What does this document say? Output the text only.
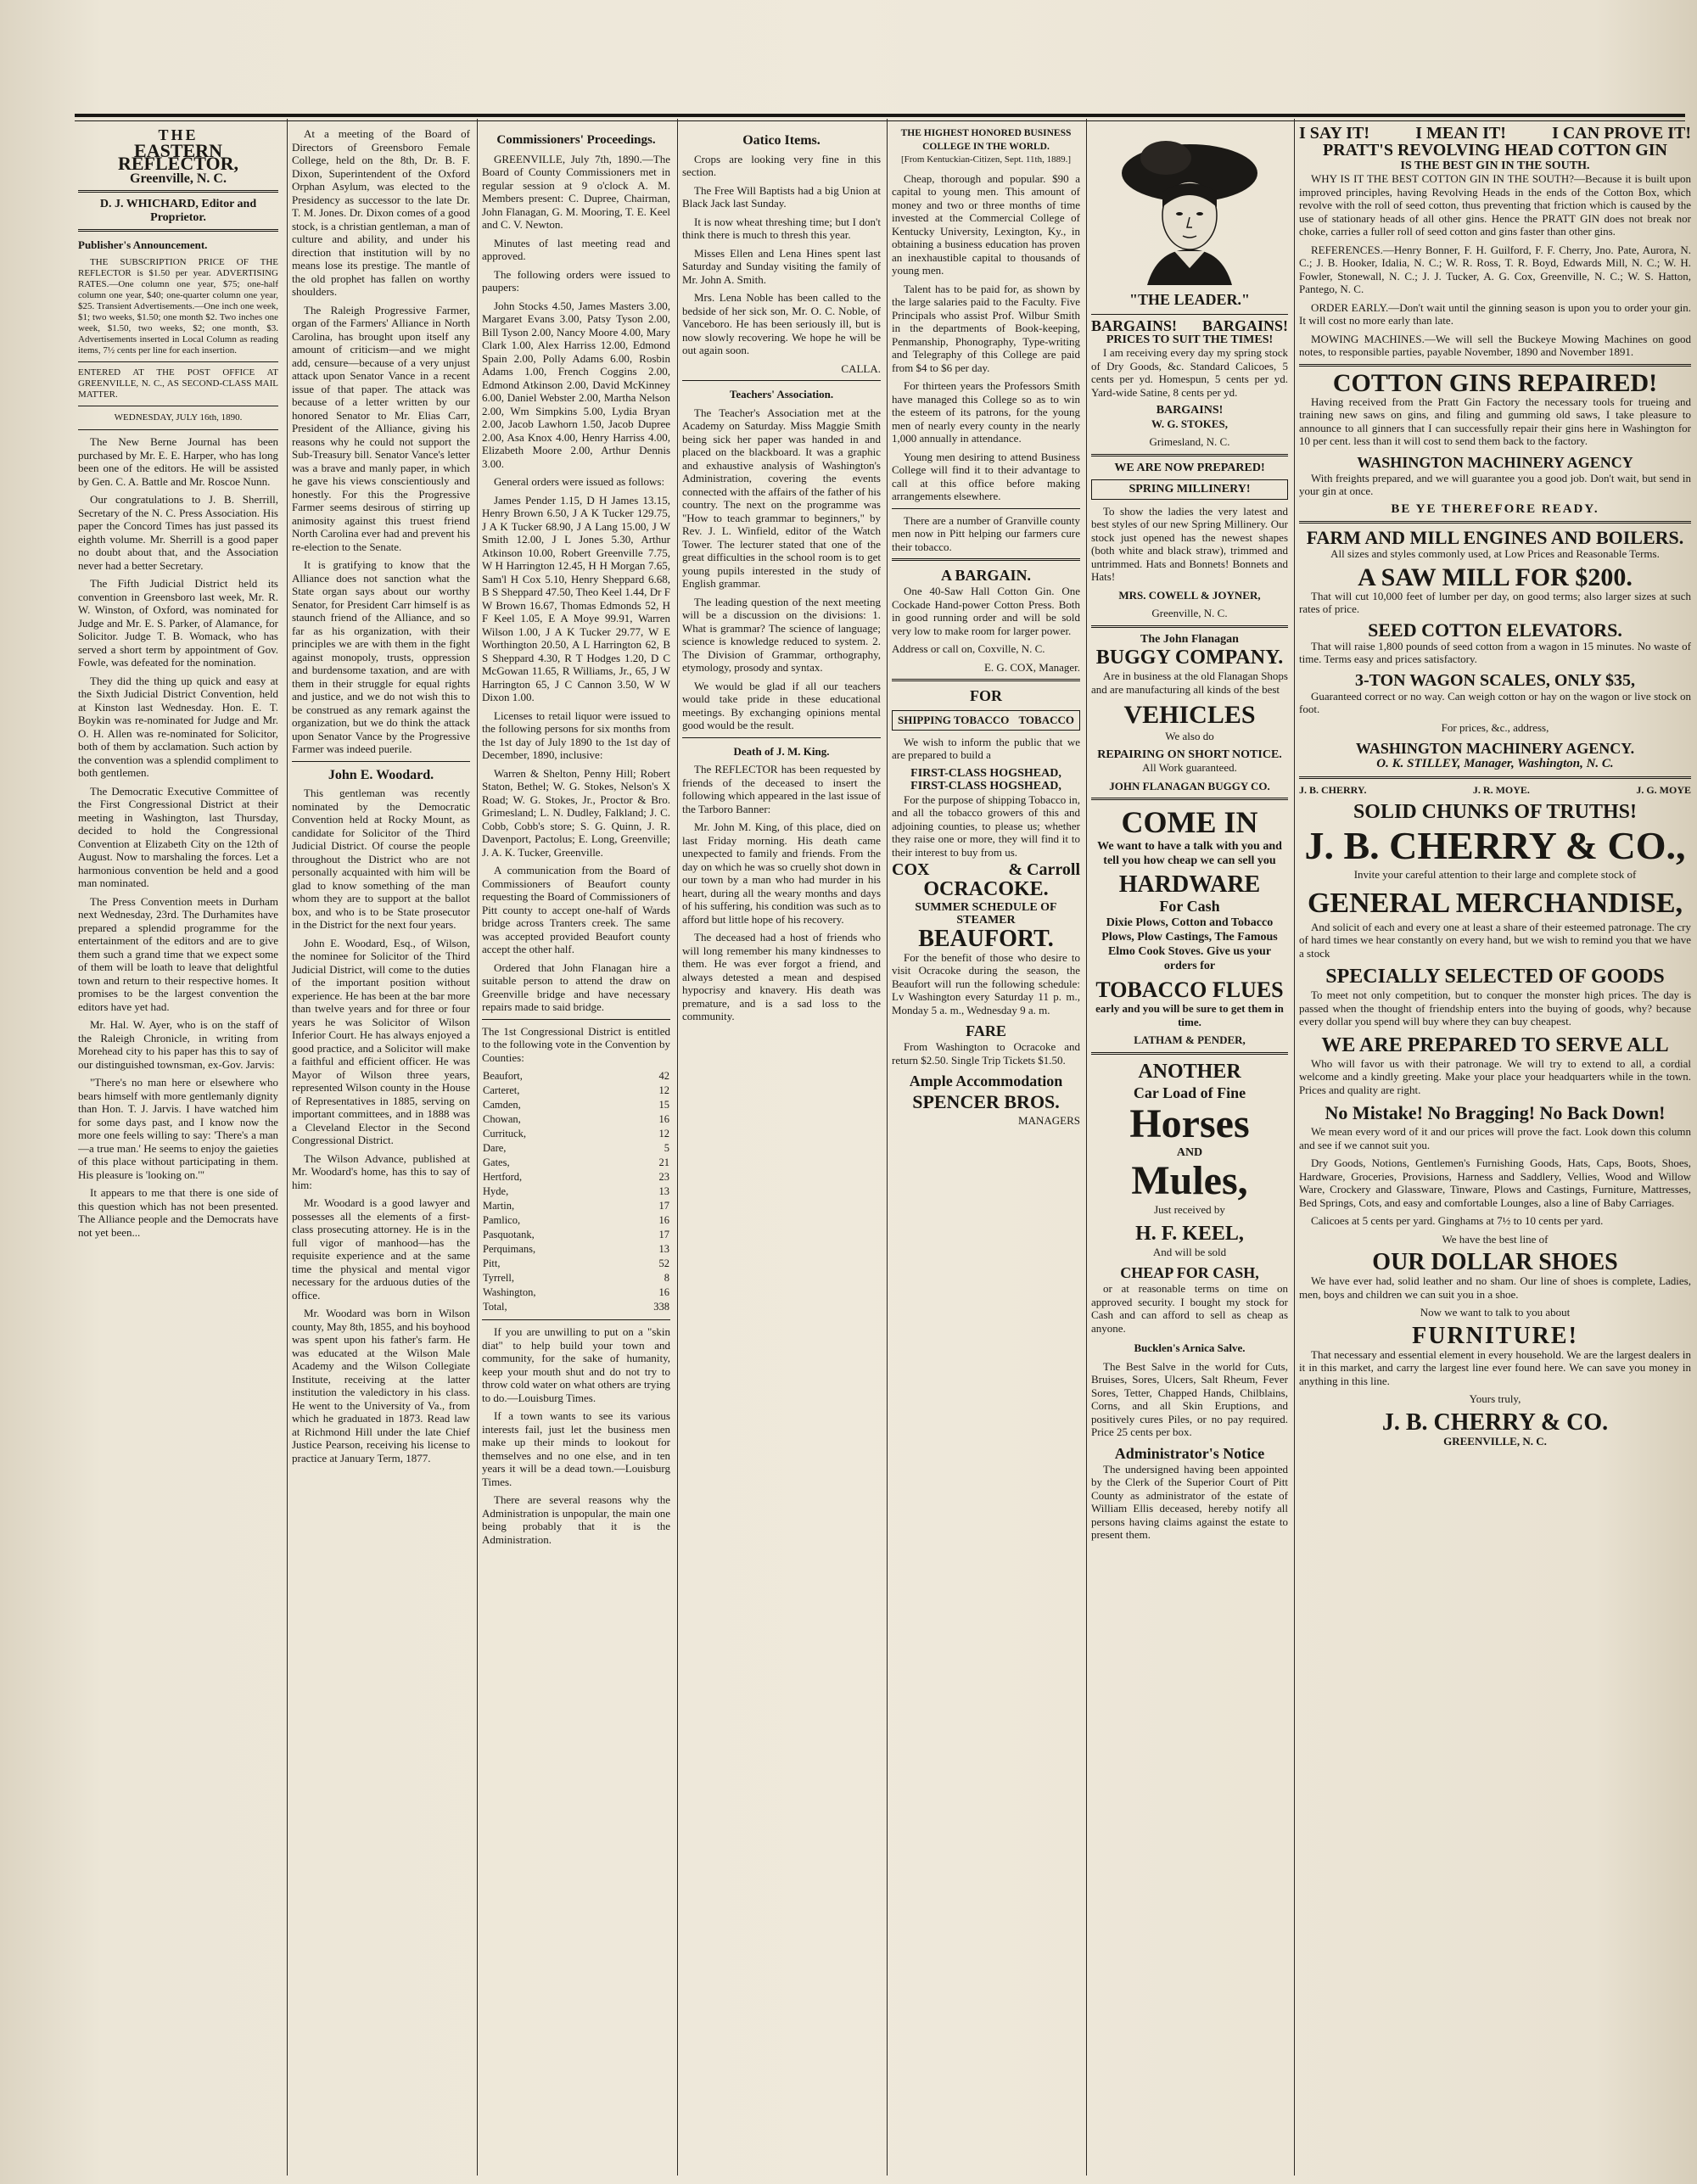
THE
EASTERN REFLECTOR,
Greenville, N. C.
D. J. WHICHARD, Editor and Proprietor.
Publisher's Announcement.

THE SUBSCRIPTION PRICE OF THE REFLECTOR is $1.50 per year. ADVERTISING RATES.—One column one year, $75; one-half column one year, $40; one-quarter column one year, $25. Transient Advertisements.—One inch one week, $1; two weeks, $1.50; one month $2. Two inches one week, $1.50, two weeks, $2; one month, $3. Advertisements inserted in Local Column as reading items, 7½ cents per line for each insertion.

ENTERED AT THE POST OFFICE AT GREENVILLE, N. C., AS SECOND-CLASS MAIL MATTER.

WEDNESDAY, JULY 16th, 1890.

The New Berne Journal has been purchased by Mr. E. E. Harper, who has long been one of the editors. He will be assisted by Gen. C. A. Battle and Mr. Roscoe Nunn.

Our congratulations to J. B. Sherrill, Secretary of the N. C. Press Association. His paper the Concord Times has just passed its eighth volume. Mr. Sherrill is a good paper no doubt about that, and the Association never had a better Secretary.

The Fifth Judicial District held its convention in Greensboro last week, Mr. R. W. Winston, of Oxford, was nominated for Judge and Mr. E. S. Parker, of Alamance, for Solicitor. Judge T. B. Womack, who has served a short term by appointment of Gov. Fowle, was defeated for the nomination.

They did the thing up quick and easy at the Sixth Judicial District Convention, held at Kinston last Wednesday. Hon. E. T. Boykin was re-nominated for Judge and Mr. O. H. Allen was re-nominated for Solicitor, both of them by acclamation. Such action by the convention was a splendid compliment to both gentlemen.

The Democratic Executive Committee of the First Congressional District at their meeting in Washington, last Thursday, decided to hold the Congressional Convention at Elizabeth City on the 12th of August. Now to marshaling the forces. Let a harmonious convention be held and a good man nominated.

The Press Convention meets in Durham next Wednesday, 23rd. The Durhamites have prepared a splendid programme for the entertainment of the editors and are to give them such a grand time that we expect some of them will be loath to leave that delightful town and return to their respective homes. It promises to be the largest convention the editors have yet had.

Mr. Hal. W. Ayer, who is on the staff of the Raleigh Chronicle, in writing from Morehead city to his paper has this to say of our distinguished townsman, ex-Gov. Jarvis:

"There's no man here or elsewhere who bears himself with more gentlemanly dignity than Hon. T. J. Jarvis. I have watched him for some days past, and I know now the more one feels willing to say: 'There's a man—a true man.' He seems to enjoy the gaieties of this place without participating in them. His pleasure is 'looking on.'"

It appears to me that there is one side of this question which has not been presented. The Alliance people and the Democrats have not yet been...

At a meeting of the Board of Directors of Greensboro Female College, held on the 8th, Dr. B. F. Dixon, Superintendent of the Oxford Orphan Asylum, was elected to the Presidency as successor to the late Dr. T. M. Jones. Dr. Dixon comes of a good stock, is a christian gentleman, a man of culture and ability, and under his direction that institution will by no means lose its prestige. The mantle of the old prophet has fallen on worthy shoulders.

The Raleigh Progressive Farmer, organ of the Farmers' Alliance in North Carolina, has brought upon itself any amount of criticism—and we might add, censure—because of a very unjust attack upon Senator Vance in a recent issue of that paper. The attack was because of a letter written by our honored Senator to Mr. Elias Carr, President of the Alliance, giving his reasons why he could not support the Sub-Treasury bill. Senator Vance's letter was a brave and manly paper, in which he gave his views conscientiously and honestly. For this the Progressive Farmer seems desirous of stirring up animosity against this truest friend North Carolina ever had and prevent his re-election to the Senate.

It is gratifying to know that the Alliance does not sanction what the State organ says about our worthy Senator, for President Carr himself is as staunch friend of the Alliance, and so far as his organization, with their principles we are with them in the fight against monopoly, trusts, oppression and burdensome taxation, and are with them in their struggle for equal rights and justice, and we do not wish this to be construed as any remark against the organization, but we do think the attack upon Senator Vance by the Progressive Farmer was indeed puerile.

John E. Woodard.

This gentleman was recently nominated by the Democratic Convention held at Rocky Mount, as candidate for Solicitor of the Third Judicial District. Of course the people throughout the District who are not personally acquainted with him will be glad to know something of the man whom they are to support at the ballot box, and who is to be State prosecutor in the District for the next four years.

John E. Woodard, Esq., of Wilson, the nominee for Solicitor of the Third Judicial District, will come to the duties of the important position without experience. He has been at the bar more than twelve years and for three or four years he was Solicitor of Wilson Inferior Court. He has always enjoyed a good practice, and a Solicitor will make a faithful and efficient officer. He was Mayor of Wilson three years, represented Wilson county in the House of Representatives in 1885, serving on important committees, and in 1888 was a Cleveland Elector in the Second Congressional District.

The Wilson Advance, published at Mr. Woodard's home, has this to say of him:

Mr. Woodard is a good lawyer and possesses all the elements of a first-class prosecuting attorney. He is in the full vigor of manhood—has the requisite experience and at the same time the physical and mental vigor necessary for the arduous duties of the office.

Mr. Woodard was born in Wilson county, May 8th, 1855, and his boyhood was spent upon his father's farm. He was educated at the Wilson Male Academy and the Wilson Collegiate Institute, receiving at the latter institution the valedictory in his class. He went to the University of Va., from which he graduated in 1873. Read law at Richmond Hill under the late Chief Justice Pearson, receiving his license to practice at January Term, 1877.

Commissioners' Proceedings.

GREENVILLE, July 7th, 1890.—The Board of County Commissioners met in regular session at 9 o'clock A. M. Members present: C. Dupree, Chairman, John Flanagan, G. M. Mooring, T. E. Keel and C. V. Newton.

Minutes of last meeting read and approved.

The following orders were issued to paupers:

John Stocks 4.50, James Masters 3.00, Margaret Evans 3.00, Patsy Tyson 2.00, Bill Tyson 2.00, Nancy Moore 4.00, Mary Clark 1.00, Alex Harriss 12.00, Edmond Spain 2.00, Polly Adams 6.00, Rosbin Adams 1.00, French Coggins 2.00, Edmond Atkinson 2.00, David McKinney 6.00, Daniel Webster 2.00, Martha Nelson 2.00, Wm Simpkins 5.00, Lydia Bryan 2.00, Jacob Lawhorn 1.50, Jacob Dupree 2.00, Asa Knox 4.00, Henry Harriss 4.00, Elizabeth Moore 2.00, Arthur Dennis 3.00.

General orders were issued as follows:

James Pender 1.15, D H James 13.15, Henry Brown 6.50, J A K Tucker 129.75, J A K Tucker 68.90, J A Lang 15.00, J W Smith 12.00, J L Jones 5.30, Arthur Atkinson 10.00, Robert Greenville 7.75, W H Harrington 12.45, H H Morgan 7.65, Sam'l H Cox 5.10, Henry Sheppard 6.68, B S Sheppard 47.50, Theo Keel 1.44, Dr F W Brown 16.67, Thomas Edmonds 52, H F Keel 1.05, E A Moye 99.91, Warren Wilson 1.00, J A K Tucker 29.77, W E Worthington 20.50, A L Harrington 62, B S Sheppard 4.30, R T Hodges 1.20, D C McGowan 11.65, R Williams, Jr., 65, J W Harrington 65, J C Cannon 3.50, W W Dixon 1.00.

Licenses to retail liquor were issued to the following persons for six months from the 1st day of July 1890 to the 1st day of December, 1890, inclusive:

Warren & Shelton, Penny Hill; Robert Staton, Bethel; W. G. Stokes, Nelson's X Road; W. G. Stokes, Jr., Proctor & Bro. Grimesland; L. N. Dudley, Falkland; J. C. Cobb, Cobb's store; S. G. Quinn, J. R. Davenport, Pactolus; E. Long, Greenville; J. A. K. Tucker, Greenville.

A communication from the Board of Commissioners of Beaufort county requesting the Board of Commissioners of Pitt county to accept one-half of Wards bridge across Tranters creek. The same was accepted provided Beaufort county accept the other half.

Ordered that John Flanagan hire a suitable person to attend the draw on Greenville bridge and have necessary repairs made to said bridge.

The 1st Congressional District is entitled to the following vote in the Convention by Counties:

Beaufort,	42
Carteret,	12
Camden,	15
Chowan,	16
Currituck,	12
Dare,	5
Gates,	21
Hertford,	23
Hyde,	13
Martin,	17
Pamlico,	16
Pasquotank,	17
Perquimans,	13
Pitt,	52
Tyrrell,	8
Washington,	16
Total,	338

If you are unwilling to put on a "skin diat" to help build your town and community, for the sake of humanity, keep your mouth shut and do not try to throw cold water on what others are trying to do.—Louisburg Times.

If a town wants to see its various interests fail, just let the business men make up their minds to lookout for themselves and no one else, and in ten years it will be a dead town.—Louisburg Times.

There are several reasons why the Administration is unpopular, the main one being probably that it is the Administration.

Oatico Items.

Crops are looking very fine in this section.

The Free Will Baptists had a big Union at Black Jack last Sunday.

It is now wheat threshing time; but I don't think there is much to thresh this year.

Misses Ellen and Lena Hines spent last Saturday and Sunday visiting the family of Mr. John A. Smith.

Mrs. Lena Noble has been called to the bedside of her sick son, Mr. O. C. Noble, of Vanceboro. He has been seriously ill, but is now slowly recovering. We hope he will be out again soon.

CALLA.

Teachers' Association.

The Teacher's Association met at the Academy on Saturday. Miss Maggie Smith being sick her paper was handed in and placed on the blackboard. It was a graphic and exhaustive analysis of Washington's Administration, covering the events connected with the affairs of the father of his country. The next on the programme was "How to teach grammar to beginners," by Rev. J. L. Winfield, editor of the Watch Tower. The lecturer stated that one of the great difficulties in the school room is to get young pupils interested in the study of English grammar.

The leading question of the next meeting will be a discussion on the divisions: 1. What is grammar? The science of language; science is knowledge reduced to system. 2. The Division of Grammar, orthography, etymology, prosody and syntax.

We would be glad if all our teachers would take pride in these educational meetings. By exchanging opinions mental good would be the result.

Death of J. M. King.

The REFLECTOR has been requested by friends of the deceased to insert the following which appeared in the last issue of the Tarboro Banner:

Mr. John M. King, of this place, died on last Friday morning. His death came unexpected to family and friends. From the day on which he was so cruelly shot down in our town by a man who had murder in his heart, during all the weary months and days of his suffering, his condition was such as to afford but little hope of his recovery.

The deceased had a host of friends who will long remember his many kindnesses to them. He was ever forgot a friend, and always detested a mean and despised hypocrisy and knavery. His death was premature, and is a sad loss to the community.

THE HIGHEST HONORED BUSINESS COLLEGE IN THE WORLD.

[From Kentuckian-Citizen, Sept. 11th, 1889.]

Cheap, thorough and popular. $90 a capital to young men. This amount of money and two or three months of time invested at the Commercial College of Kentucky University, Lexington, Ky., in obtaining a business education has proven an inexhaustible capital to thousands of young men.

Talent has to be paid for, as shown by the large salaries paid to the Faculty. Five Principals who assist Prof. Wilbur Smith in the departments of Book-keeping, Penmanship, Phonography, Type-writing and Telegraphy of this College are paid from $4 to $6 per day.

For thirteen years the Professors Smith have managed this College so as to win the esteem of its patrons, for the young men of nearly every county in the nearly 1,000 annually in attendance.

Young men desiring to attend Business College will find it to their advantage to call at this office before making arrangements elsewhere.

There are a number of Granville county men now in Pitt helping our farmers cure their tobacco.

A BARGAIN.

One 40-Saw Hall Cotton Gin. One Cockade Hand-power Cotton Press. Both in good running order and will be sold very low to make room for larger power.

Address or call on, Coxville, N. C.

E. G. COX, Manager.

FOR
SHIPPING TOBACCO TOBACCO

We wish to inform the public that we are prepared to build a

FIRST-CLASS HOGSHEAD,
FIRST-CLASS HOGSHEAD,

For the purpose of shipping Tobacco in, and all the tobacco growers of this and adjoining counties, to please us; whether they raise one or more, they will find it to their interest to buy from us.

COX	& Carroll
OCRACOKE.
SUMMER SCHEDULE OF STEAMER
BEAUFORT.

For the benefit of those who desire to visit Ocracoke during the season, the Beaufort will run the following schedule: Lv Washington every Saturday 11 p. m., Monday 5 a. m., Wednesday 9 a. m.

FARE

From Washington to Ocracoke and return $2.50. Single Trip Tickets $1.50.

Ample Accommodation
SPENCER BROS.

MANAGERS

"THE LEADER."
BARGAINS! BARGAINS!
PRICES TO SUIT THE TIMES!

I am receiving every day my spring stock of Dry Goods, &c. Standard Calicoes, 5 cents per yd. Homespun, 5 cents per yd. Yard-wide Satine, 8 cents per yd.

BARGAINS!

W. G. STOKES,

Grimesland, N. C.

WE ARE NOW PREPARED!
SPRING MILLINERY!

To show the ladies the very latest and best styles of our new Spring Millinery. Our stock just opened has the newest shapes (both white and black straw), trimmed and untrimmed. Hats and Bonnets! Bonnets and Hats!

MRS. COWELL & JOYNER,

Greenville, N. C.

The John Flanagan
BUGGY COMPANY.

Are in business at the old Flanagan Shops and are manufacturing all kinds of the best

VEHICLES

We also do

REPAIRING ON SHORT NOTICE.

All Work guaranteed.

JOHN FLANAGAN BUGGY CO.

COME IN

We want to have a talk with you and tell you how cheap we can sell you

HARDWARE
For Cash

Dixie Plows, Cotton and Tobacco Plows, Plow Castings, The Famous Elmo Cook Stoves. Give us your orders for

TOBACCO FLUES

early and you will be sure to get them in time.

LATHAM & PENDER,

ANOTHER
Car Load of Fine
Horses
AND
Mules,

Just received by

H. F. KEEL,

And will be sold

CHEAP FOR CASH,

or at reasonable terms on time on approved security. I bought my stock for Cash and can afford to sell as cheap as anyone.

Bucklen's Arnica Salve.

The Best Salve in the world for Cuts, Bruises, Sores, Ulcers, Salt Rheum, Fever Sores, Tetter, Chapped Hands, Chilblains, Corns, and all Skin Eruptions, and positively cures Piles, or no pay required. Price 25 cents per box.

Administrator's Notice

The undersigned having been appointed by the Clerk of the Superior Court of Pitt County as administrator of the estate of William Ellis deceased, hereby notify all persons having claims against the estate to present them.

I SAY IT!	I MEAN IT!	I CAN PROVE IT!
PRATT'S REVOLVING HEAD COTTON GIN
IS THE BEST GIN IN THE SOUTH.

WHY IS IT THE BEST COTTON GIN IN THE SOUTH?—Because it is built upon improved principles, having Revolving Heads in the ends of the Cotton Box, which revolve with the roll of seed cotton, thus preventing that friction which is caused by the use of stationary heads of all other gins. Hence the PRATT GIN does not break nor choke, carries a fuller roll of seed cotton and gins faster than other gins.

REFERENCES.—Henry Bonner, F. H. Guilford, F. F. Cherry, Jno. Pate, Aurora, N. C.; J. B. Hooker, Idalia, N. C.; W. R. Ross, T. R. Boyd, Edwards Mill, N. C.; W. H. Fowler, Stonewall, N. C.; J. J. Tucker, A. G. Cox, Greenville, N. C.; W. S. Hatton, Pantego, N. C.

ORDER EARLY.—Don't wait until the ginning season is upon you to order your gin. It will cost no more early than late.

MOWING MACHINES.—We will sell the Buckeye Mowing Machines on good notes, to responsible parties, payable November, 1890 and November 1891.

COTTON GINS REPAIRED!

Having received from the Pratt Gin Factory the necessary tools for trueing and training new saws on gins, and filing and gumming old saws, I take pleasure to announce to all ginners that I can successfully repair their gins here in Washington for 10 per cent. less than it will cost to send them back to the factory.

WASHINGTON MACHINERY AGENCY

With freights prepared, and we will guarantee you a good job. Don't wait, but send in your gin at once.

BE YE THEREFORE READY.
FARM AND MILL ENGINES AND BOILERS.

All sizes and styles commonly used, at Low Prices and Reasonable Terms.

A SAW MILL FOR $200.

That will cut 10,000 feet of lumber per day, on good terms; also larger sizes at such rates of price.

SEED COTTON ELEVATORS.

That will raise 1,800 pounds of seed cotton from a wagon in 15 minutes. No waste of time. Terms easy and prices satisfactory.

3-TON WAGON SCALES, ONLY $35,

Guaranteed correct or no way. Can weigh cotton or hay on the wagon or live stock on foot.

For prices, &c., address,

WASHINGTON MACHINERY AGENCY.

O. K. STILLEY, Manager, Washington, N. C.

J. B. CHERRY.	J. R. MOYE.	J. G. MOYE
SOLID CHUNKS OF TRUTHS!
J. B. CHERRY & CO.,

Invite your careful attention to their large and complete stock of

GENERAL MERCHANDISE,

And solicit of each and every one at least a share of their esteemed patronage. The cry of hard times we hear constantly on every hand, but we wish to remind you that we have a stock

SPECIALLY SELECTED OF GOODS

To meet not only competition, but to conquer the monster high prices. The day is passed when the thought of friendship enters into the buying of goods, why? because every dollar you spend will buy where they can buy cheapest.

WE ARE PREPARED TO SERVE ALL

Who will favor us with their patronage. We will try to extend to all, a cordial welcome and a kindly greeting. Make your place your headquarters while in the town. Prices and quality are right.

No Mistake! No Bragging! No Back Down!

We mean every word of it and our prices will prove the fact. Look down this column and see if we cannot suit you.

Dry Goods, Notions, Gentlemen's Furnishing Goods, Hats, Caps, Boots, Shoes, Hardware, Groceries, Provisions, Harness and Saddlery, Vellies, Wood and Willow Ware, Crockery and Glassware, Tinware, Plows and Castings, Furniture, Mattresses, Bed Springs, Cots, and easy and comfortable Lounges, also a line of Baby Carriages.

Calicoes at 5 cents per yard. Ginghams at 7½ to 10 cents per yard.

We have the best line of

OUR DOLLAR SHOES

We have ever had, solid leather and no sham. Our line of shoes is complete, Ladies, men, boys and children we can suit you in a shoe.

Now we want to talk to you about

FURNITURE!

That necessary and essential element in every household. We are the largest dealers in it in this market, and carry the largest line ever found here. We can save you money in anything in this line.

Yours truly,

J. B. CHERRY & CO.

GREENVILLE, N. C.
